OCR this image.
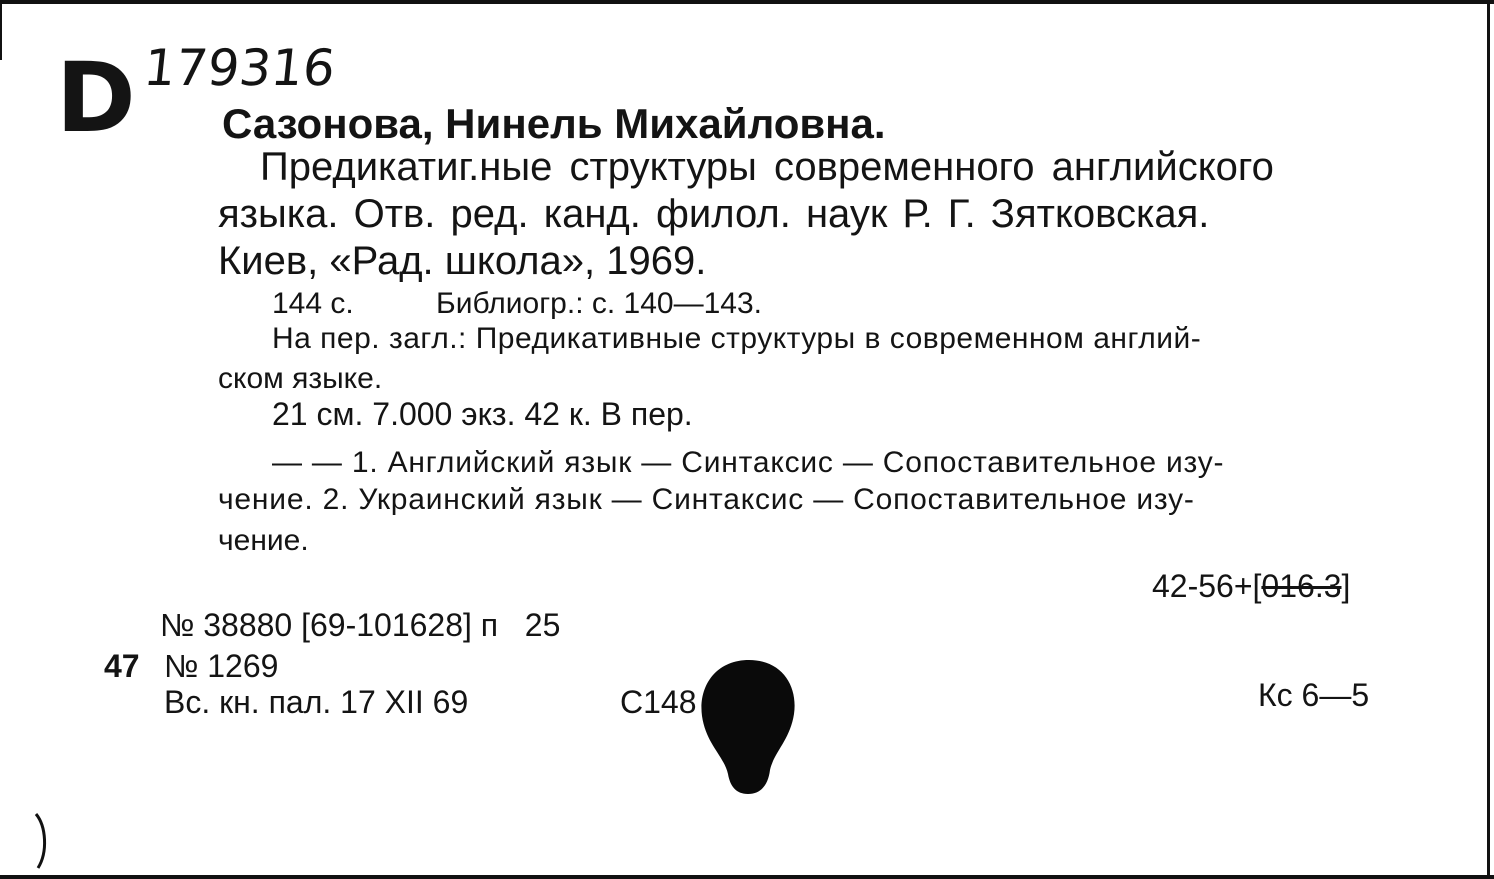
D 179316
Сазонова, Нинель Михайловна.
Предикатиг.ные структуры современного английского
языка. Отв. ред. канд. филол. наук Р. Г. Зятковская.
Киев, «Рад. школа», 1969.
144 с.	Библиогр.: с. 140—143.
На пер. загл.: Предикативные структуры в современном англий-
ском языке.
21 см. 7.000 экз. 42 к. В пер.
— — 1. Английский язык — Синтаксис — Сопоставительное изу-
чение. 2. Украинский язык — Синтаксис — Сопоставительное изу-
чение.
42-56+[016.3]
№ 38880 [69-101628] п   25
47 № 1269
Вс. кн. пал. 17 XII 69	С148	Кс 6—5
